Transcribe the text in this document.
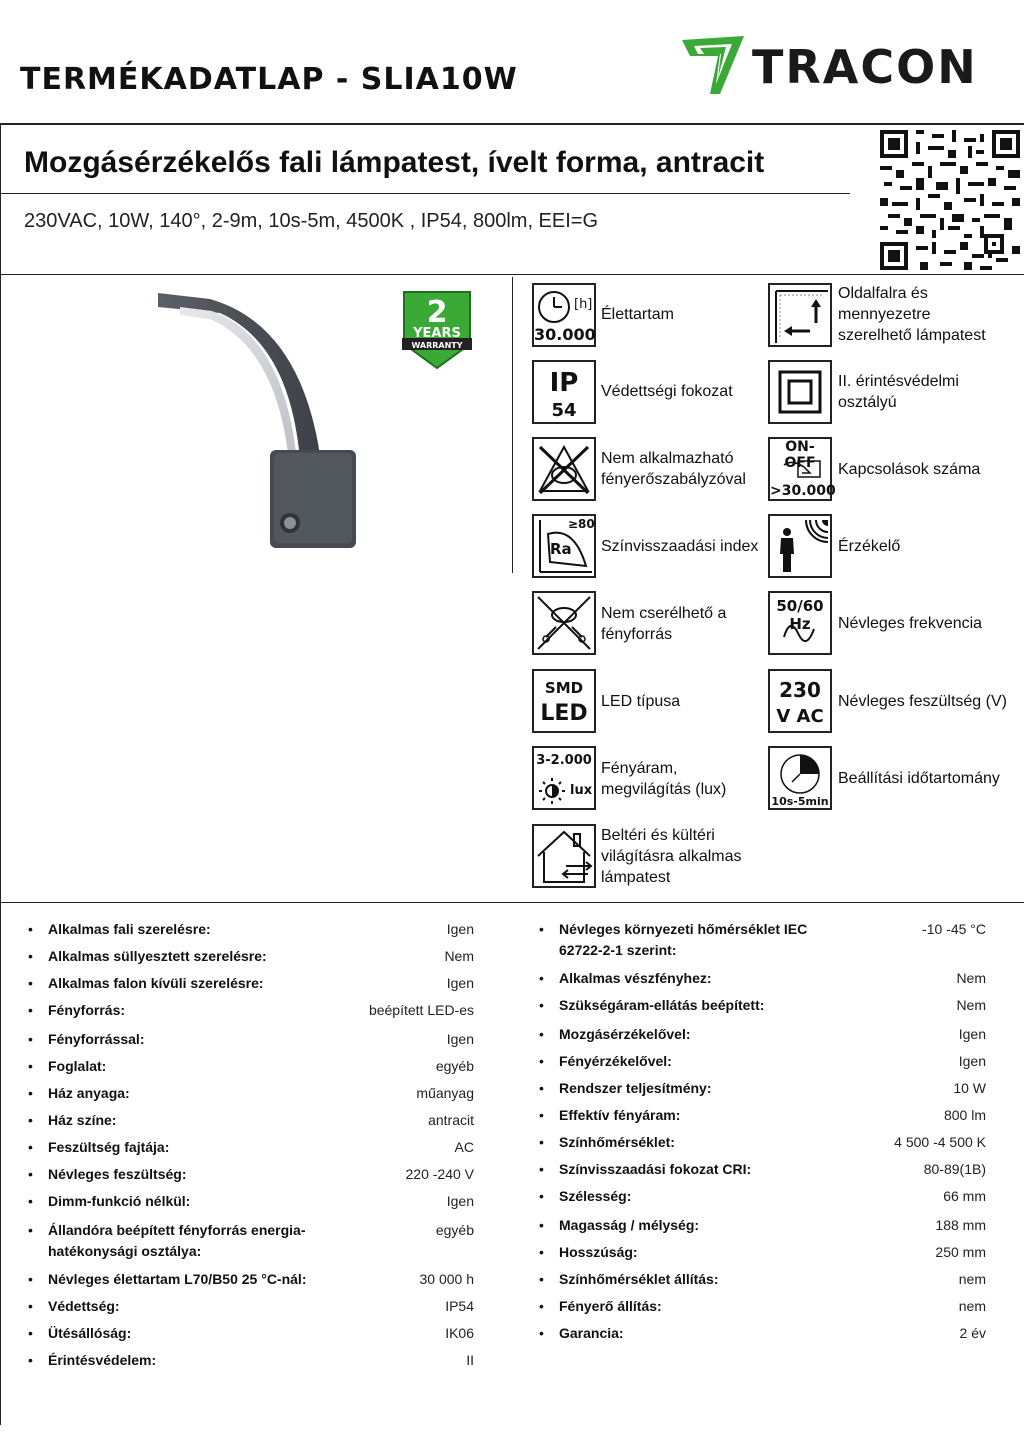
TERMÉKADATLAP - SLIA10W	TRACON
Mozgásérzékelős fali lámpatest, ívelt forma, antracit
230VAC, 10W, 140°, 2-9m, 10s-5m, 4500K , IP54, 800lm, EEI=G
2
YEARS
WARRANTY
[h]
30.000
Élettartam
IP
54
Védettségi fokozat
Nem alkalmazható fényerőszabályzóval
≥80
Ra Színvisszaadási index
Nem cserélhető a fényforrás
SMD
LED LED típusa
3-2.000
lux
Fényáram, megvilágítás (lux)
Beltéri és kültéri világításra alkalmas lámpatest
Oldalfalra és mennyezetre szerelhető lámpatest
II. érintésvédelmi osztályú
ON-OFF
>30.000
Kapcsolások száma
Érzékelő
50/60 Hz	Névleges frekvencia
230
V AC
Névleges feszültség (V)
10s-5min
Beállítási időtartomány
• Alkalmas fali szerelésre:	Igen
• Alkalmas süllyesztett szerelésre:	Nem
• Alkalmas falon kívüli szerelésre:	Igen
• Fényforrás:	beépített LED-es
• Fényforrással:	Igen
• Foglalat:	egyéb
• Ház anyaga:	műanyag
• Ház színe:	antracit
• Feszültség fajtája:	AC
• Névleges feszültség:	220 -240 V
• Dimm-funkció nélkül:	Igen
• Állandóra beépített fényforrás energia-	egyéb
hatékonysági osztálya:
• Névleges élettartam L70/B50 25 °C-nál:	30 000 h
• Védettség:	IP54
• Ütésállóság:	IK06
• Érintésvédelem:	II
• Névleges környezeti hőmérséklet IEC	-10 -45 °C
62722-2-1 szerint:
• Alkalmas vészfényhez:	Nem
• Szükségáram-ellátás beépített:	Nem
• Mozgásérzékelővel:	Igen
• Fényérzékelővel:	Igen
• Rendszer teljesítmény:	10 W
• Effektív fényáram:	800 lm
• Színhőmérséklet:	4 500 -4 500 K
• Színvisszaadási fokozat CRI:	80-89(1B)
• Szélesség:	66 mm
• Magasság / mélység:	188 mm
• Hosszúság:	250 mm
• Színhőmérséklet állítás:	nem
• Fényerő állítás:	nem
• Garancia:	2 év
